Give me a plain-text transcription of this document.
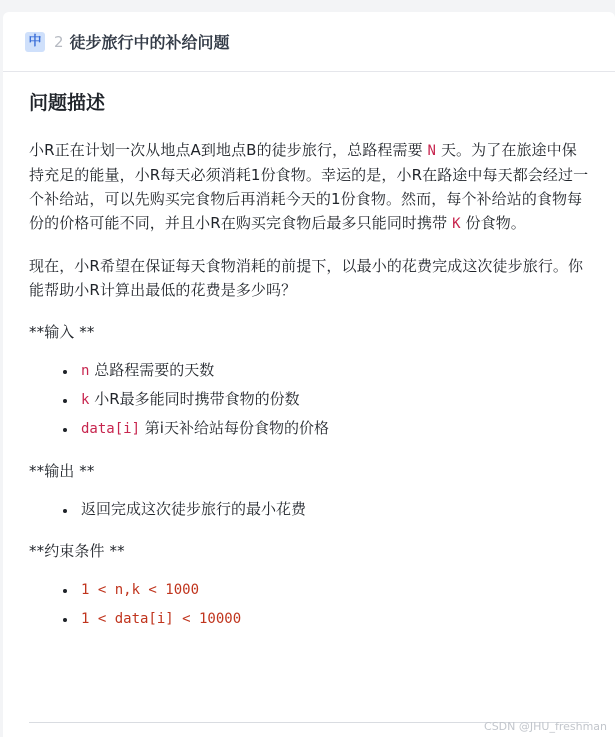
中 2 徒步旅行中的补给问题
问题描述

小R正在计划一次从地点A到地点B的徒步旅行，总路程需要 N 天。为了在旅途中保持充足的能量，小R每天必须消耗1份食物。幸运的是，小R在路途中每天都会经过一个补给站，可以先购买完食物后再消耗今天的1份食物。然而，每个补给站的食物每份的价格可能不同，并且小R在购买完食物后最多只能同时携带 K 份食物。

现在，小R希望在保证每天食物消耗的前提下，以最小的花费完成这次徒步旅行。你能帮助小R计算出最低的花费是多少吗？

**输入 **

• n 总路程需要的天数
• k 小R最多能同时携带食物的份数
• data[i] 第i天补给站每份食物的价格

**输出 **

• 返回完成这次徒步旅行的最小花费

**约束条件 **

• 1 < n,k < 1000
• 1 < data[i] < 10000
CSDN @JHU_freshman
